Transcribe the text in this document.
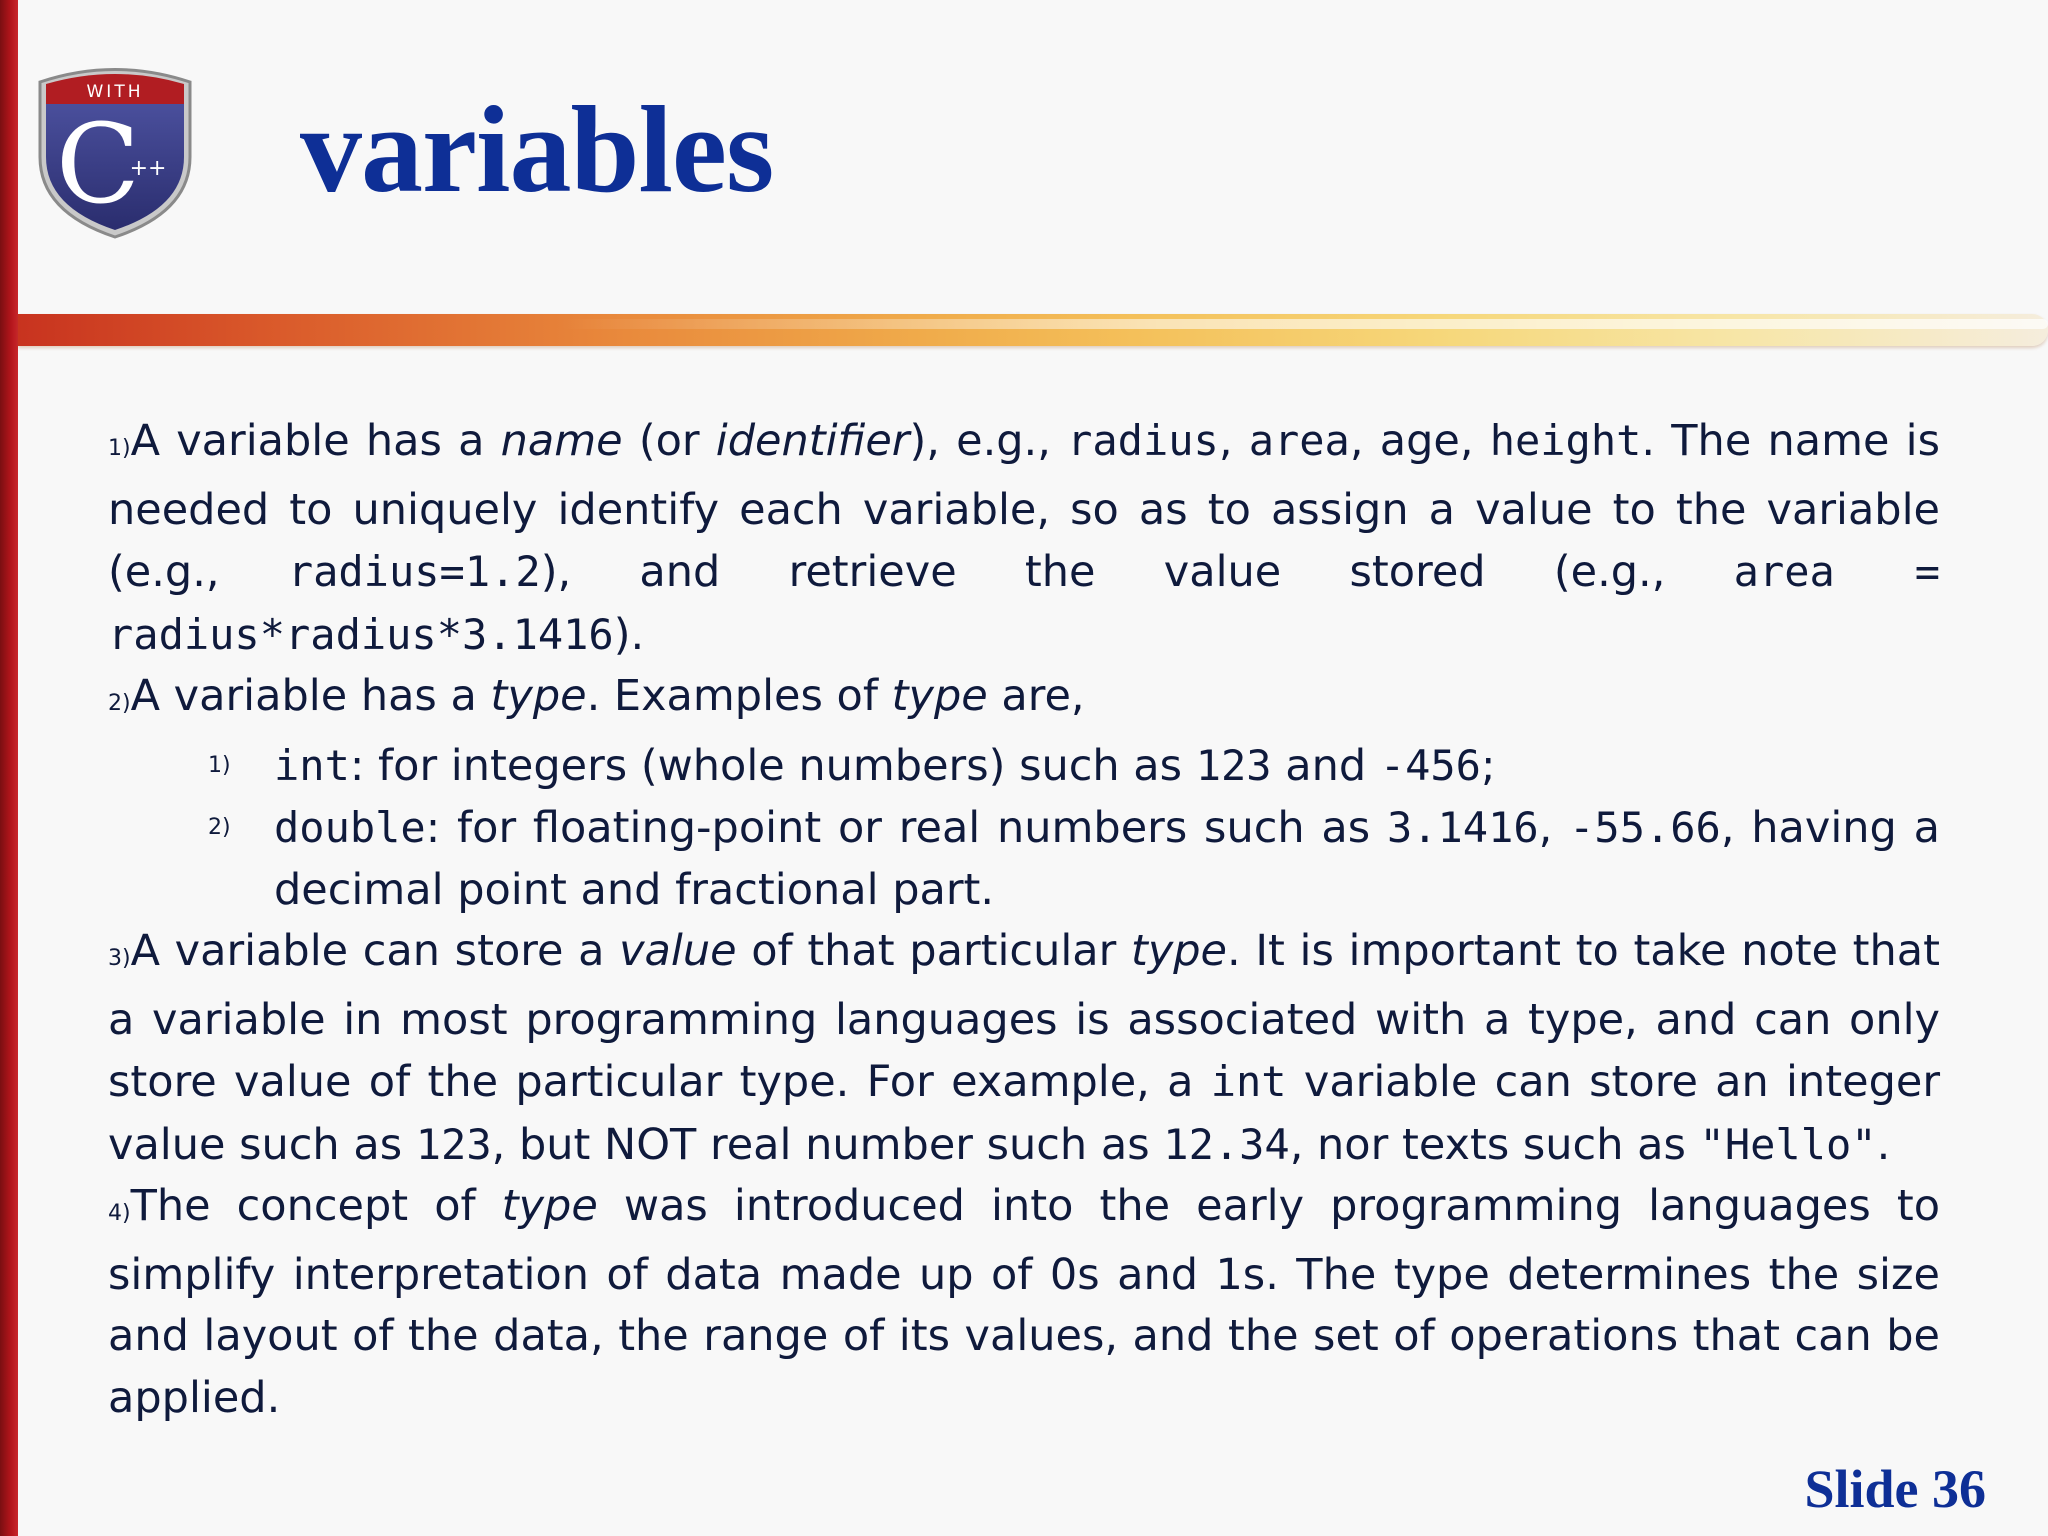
WITH
C
++ variables

1)A variable has a name (or identifier), e.g., radius, area, age, height. The name is needed to uniquely identify each variable, so as to assign a value to the variable (e.g., radius=1.2), and retrieve the value stored (e.g., area = radius*radius*3.1416).

2)A variable has a type. Examples of type are,

1) int: for integers (whole numbers) such as 123 and -456;

2) double: for floating-point or real numbers such as 3.1416, -55.66, having a decimal point and fractional part.

3)A variable can store a value of that particular type. It is important to take note that a variable in most programming languages is associated with a type, and can only store value of the particular type. For example, a int variable can store an integer value such as 123, but NOT real number such as 12.34, nor texts such as "Hello".

4)The concept of type was introduced into the early programming languages to simplify interpretation of data made up of 0s and 1s. The type determines the size and layout of the data, the range of its values, and the set of operations that can be applied.

Slide 36
